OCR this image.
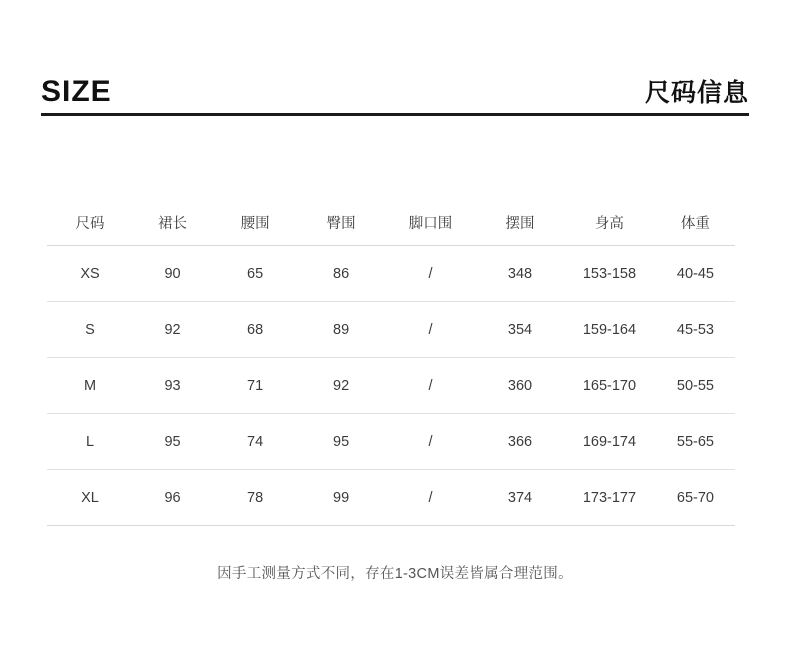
SIZE	尺码信息
尺码	裙长	腰围	臀围	脚口围	摆围	身高	体重
XS	90	65	86	/	348	153-158	40-45
S	92	68	89	/	354	159-164	45-53
M	93	71	92	/	360	165-170	50-55
L	95	74	95	/	366	169-174	55-65
XL	96	78	99	/	374	173-177	65-70
因手工测量方式不同，存在1-3CM误差皆属合理范围。
